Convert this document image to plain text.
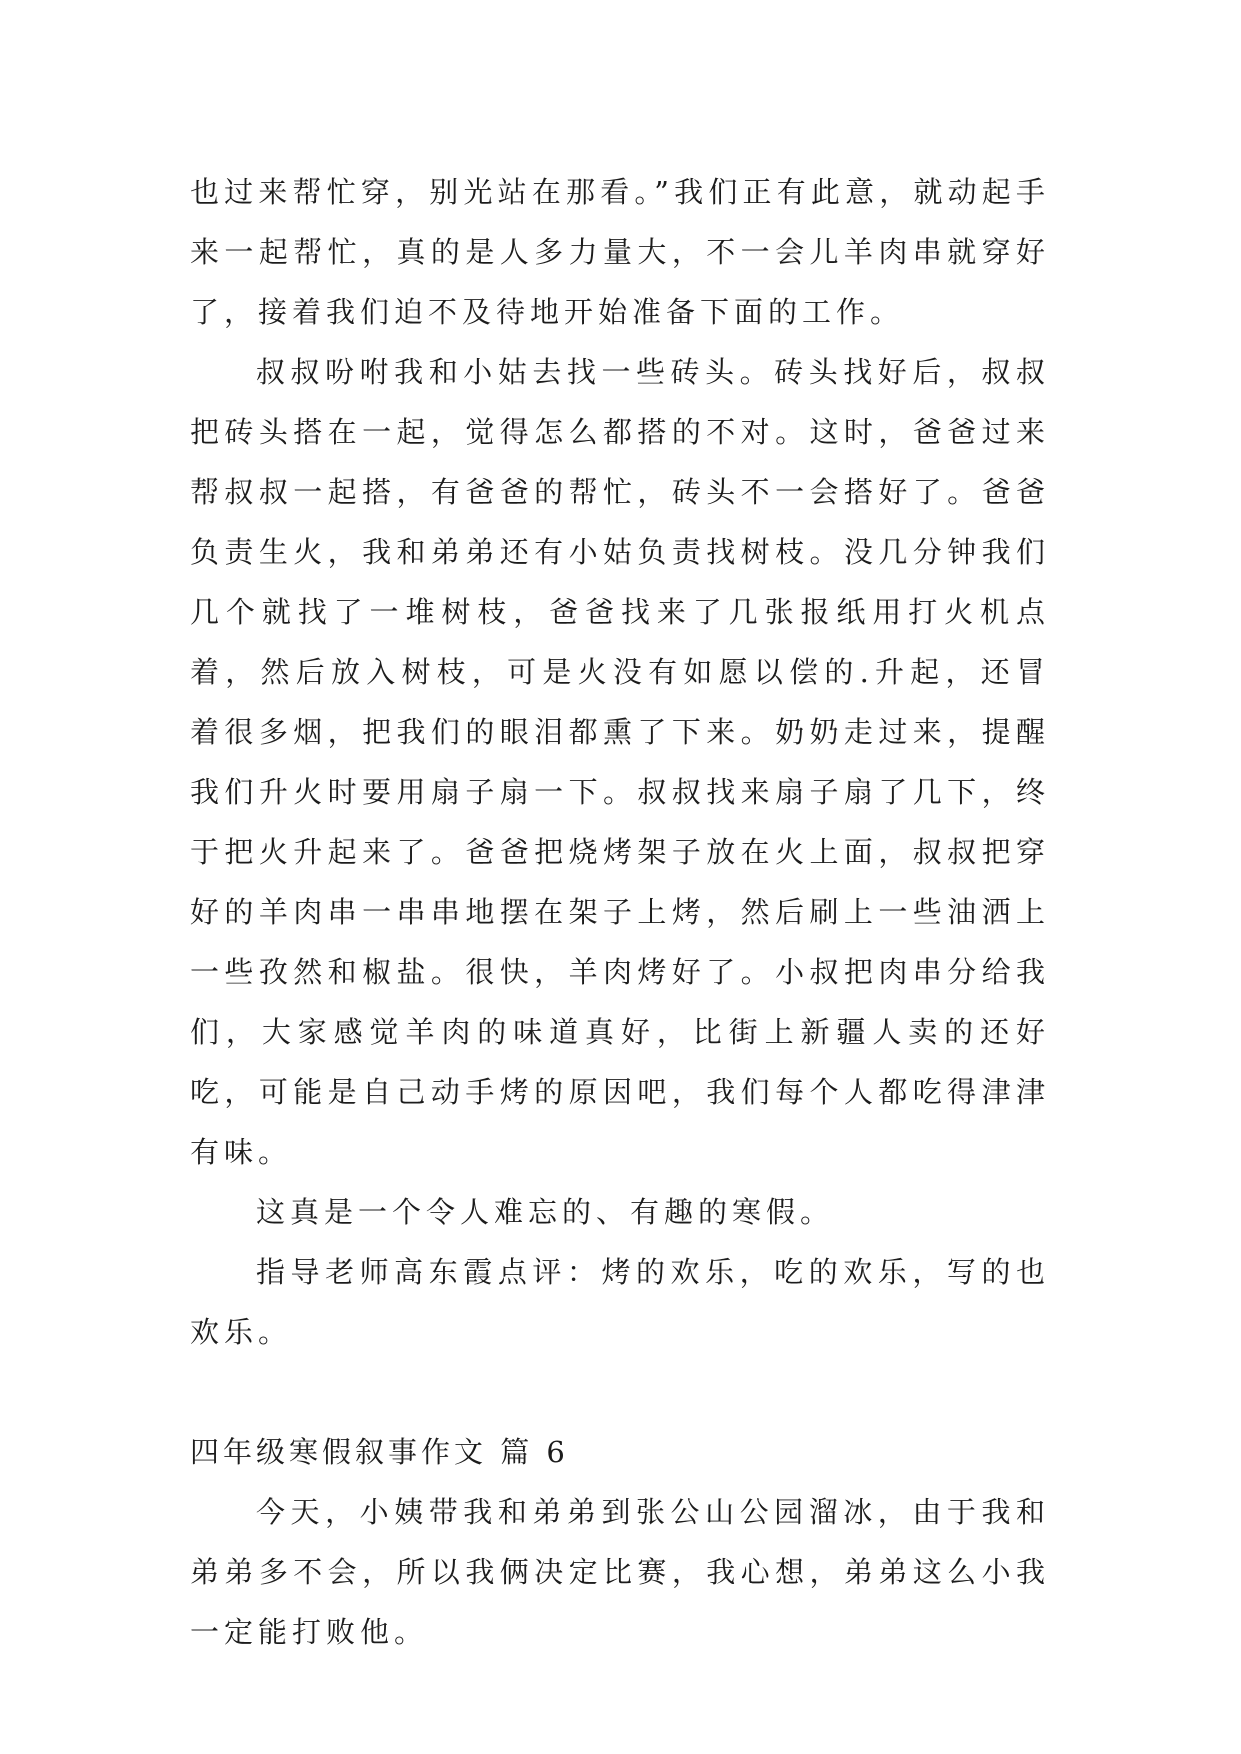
也过来帮忙穿，别光站在那看。”我们正有此意，就动起手来一起帮忙，真的是人多力量大，不一会儿羊肉串就穿好了，接着我们迫不及待地开始准备下面的工作。

叔叔吩咐我和小姑去找一些砖头。砖头找好后，叔叔把砖头搭在一起，觉得怎么都搭的不对。这时，爸爸过来帮叔叔一起搭，有爸爸的帮忙，砖头不一会搭好了。爸爸负责生火，我和弟弟还有小姑负责找树枝。没几分钟我们几个就找了一堆树枝，爸爸找来了几张报纸用打火机点着，然后放入树枝，可是火没有如愿以偿的.升起，还冒着很多烟，把我们的眼泪都熏了下来。奶奶走过来，提醒我们升火时要用扇子扇一下。叔叔找来扇子扇了几下，终于把火升起来了。爸爸把烧烤架子放在火上面，叔叔把穿好的羊肉串一串串地摆在架子上烤，然后刷上一些油洒上一些孜然和椒盐。很快，羊肉烤好了。小叔把肉串分给我们，大家感觉羊肉的味道真好，比街上新疆人卖的还好吃，可能是自己动手烤的原因吧，我们每个人都吃得津津有味。

这真是一个令人难忘的、有趣的寒假。

指导老师高东霞点评：烤的欢乐，吃的欢乐，写的也欢乐。

四年级寒假叙事作文 篇 6

今天，小姨带我和弟弟到张公山公园溜冰，由于我和弟弟多不会，所以我俩决定比赛，我心想，弟弟这么小我一定能打败他。
